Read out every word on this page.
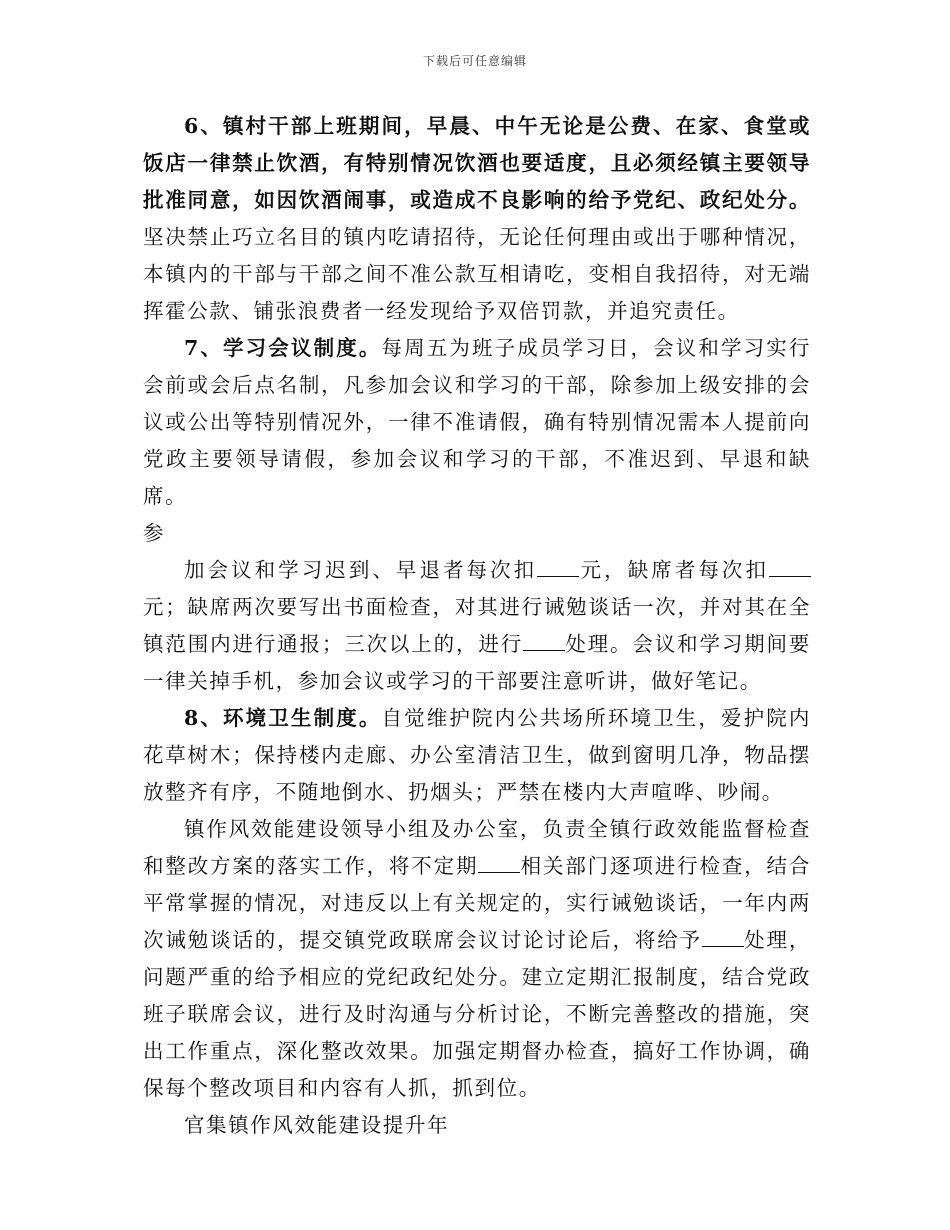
下载后可任意编辑

6、镇村干部上班期间，早晨、中午无论是公费、在家、食堂或饭店一律禁止饮酒，有特别情况饮酒也要适度，且必须经镇主要领导批准同意，如因饮酒闹事，或造成不良影响的给予党纪、政纪处分。坚决禁止巧立名目的镇内吃请招待，无论任何理由或出于哪种情况，本镇内的干部与干部之间不准公款互相请吃，变相自我招待，对无端挥霍公款、铺张浪费者一经发现给予双倍罚款，并追究责任。

7、学习会议制度。每周五为班子成员学习日，会议和学习实行会前或会后点名制，凡参加会议和学习的干部，除参加上级安排的会议或公出等特别情况外，一律不准请假，确有特别情况需本人提前向党政主要领导请假，参加会议和学习的干部，不准迟到、早退和缺席。

参

加会议和学习迟到、早退者每次扣 元，缺席者每次扣元；缺席两次要写出书面检查，对其进行诫勉谈话一次，并对其在全镇范围内进行通报；三次以上的，进行 处理。会议和学习期间要一律关掉手机，参加会议或学习的干部要注意听讲，做好笔记。

8、环境卫生制度。自觉维护院内公共场所环境卫生，爱护院内花草树木；保持楼内走廊、办公室清洁卫生，做到窗明几净，物品摆放整齐有序，不随地倒水、扔烟头；严禁在楼内大声喧哗、吵闹。

镇作风效能建设领导小组及办公室，负责全镇行政效能监督检查和整改方案的落实工作，将不定期 相关部门逐项进行检查，结合平常掌握的情况，对违反以上有关规定的，实行诫勉谈话，一年内两次诫勉谈话的，提交镇党政联席会议讨论讨论后，将给予 处理，问题严重的给予相应的党纪政纪处分。建立定期汇报制度，结合党政班子联席会议，进行及时沟通与分析讨论，不断完善整改的措施，突出工作重点，深化整改效果。加强定期督办检查，搞好工作协调，确保每个整改项目和内容有人抓，抓到位。

官集镇作风效能建设提升年
